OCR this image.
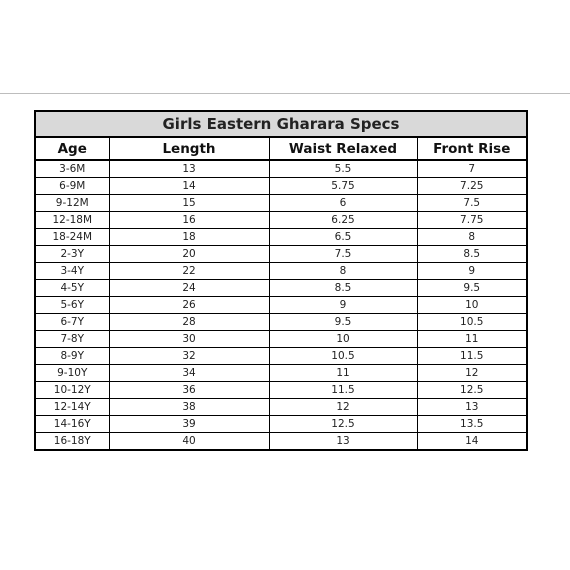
Girls Eastern Gharara Specs			
Age	Length	Waist Relaxed	Front Rise
3-6M	13	5.5	7
6-9M	14	5.75	7.25
9-12M	15	6	7.5
12-18M	16	6.25	7.75
18-24M	18	6.5	8
2-3Y	20	7.5	8.5
3-4Y	22	8	9
4-5Y	24	8.5	9.5
5-6Y	26	9	10
6-7Y	28	9.5	10.5
7-8Y	30	10	11
8-9Y	32	10.5	11.5
9-10Y	34	11	12
10-12Y	36	11.5	12.5
12-14Y	38	12	13
14-16Y	39	12.5	13.5
16-18Y	40	13	14
